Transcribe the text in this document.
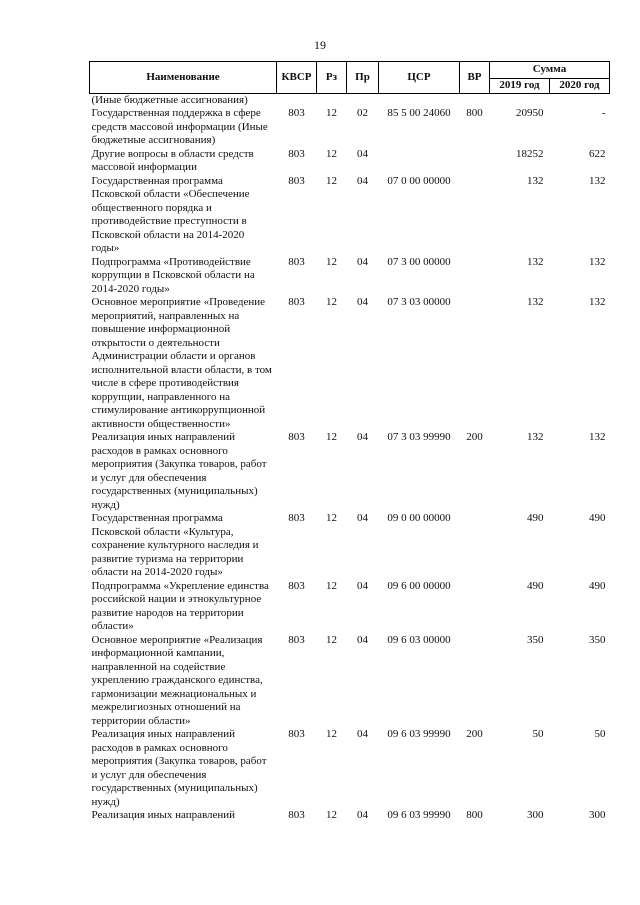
19
Наименование	КВСР	Рз	Пр	ЦСР	ВР	Сумма	
						2019 год	2020 год
(Иные бюджетные ассигнования)							
Государственная поддержка в сфере средств массовой информации (Иные бюджетные ассигнования)	803	12	02	85 5 00 24060	800	20950	-
Другие вопросы в области средств массовой информации	803	12	04			18252	622
Государственная программа Псковской области «Обеспечение общественного порядка и противодействие преступности в Псковской области на 2014-2020 годы»	803	12	04	07 0 00 00000		132	132
Подпрограмма «Противодействие коррупции в Псковской области на 2014-2020 годы»	803	12	04	07 3 00 00000		132	132
Основное мероприятие «Проведение мероприятий, направленных на повышение информационной открытости о деятельности Администрации области и органов исполнительной власти области, в том числе в сфере противодействия коррупции, направленного на стимулирование антикоррупционной активности общественности»	803	12	04	07 3 03 00000		132	132
Реализация иных направлений расходов в рамках основного мероприятия (Закупка товаров, работ и услуг для обеспечения государственных (муниципальных) нужд)	803	12	04	07 3 03 99990	200	132	132
Государственная программа Псковской области «Культура, сохранение культурного наследия и развитие туризма на территории области на 2014-2020 годы»	803	12	04	09 0 00 00000		490	490
Подпрограмма «Укрепление единства российской нации и этнокультурное развитие народов на территории области»	803	12	04	09 6 00 00000		490	490
Основное мероприятие «Реализация информационной кампании, направленной на содействие укреплению гражданского единства, гармонизации межнациональных и межрелигиозных отношений на территории области»	803	12	04	09 6 03 00000		350	350
Реализация иных направлений расходов в рамках основного мероприятия (Закупка товаров, работ и услуг для обеспечения государственных (муниципальных) нужд)	803	12	04	09 6 03 99990	200	50	50
Реализация иных направлений	803	12	04	09 6 03 99990	800	300	300
